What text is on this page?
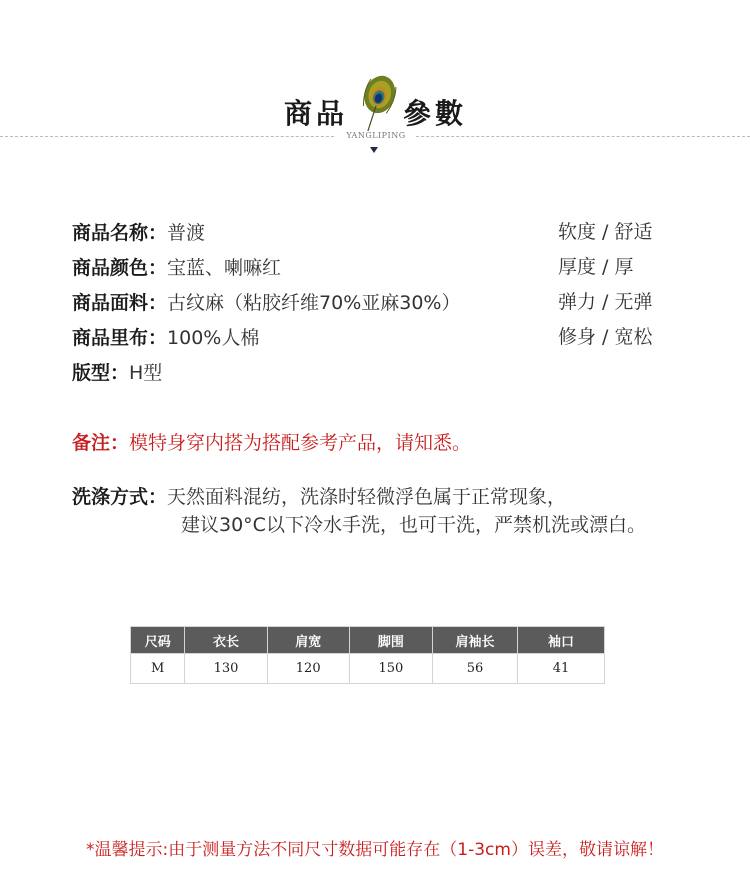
商品 參數
YANGLIPING
商品名称：普渡
商品颜色：宝蓝、喇嘛红
商品面料：古纹麻（粘胶纤维70%亚麻30%）
商品里布：100%人棉
版型：H型
软度 / 舒适
厚度 / 厚
弹力 / 无弹
修身 / 宽松
备注：模特身穿内搭为搭配参考产品，请知悉。
洗涤方式：天然面料混纺，洗涤时轻微浮色属于正常现象，
建议30°C以下冷水手洗，也可干洗，严禁机洗或漂白。
尺码	衣长	肩宽	脚围	肩袖长	袖口
M	130	120	150	56	41
*温馨提示:由于测量方法不同尺寸数据可能存在（1-3cm）误差，敬请谅解！
